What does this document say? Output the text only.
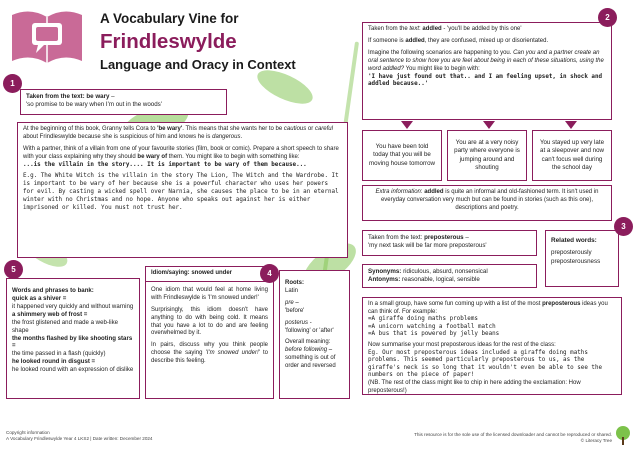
A Vocabulary Vine for
Frindleswylde
Language and Oracy in Context
Taken from the text: be wary –
'so promise to be wary when I'm out in the woods'
1
At the beginning of this book, Granny tells Cora to 'be wary'. This means that she wants her to be cautious or careful about Frindleswylde because she is suspicious of him and knows he is dangerous.
With a partner, think of a villain from one of your favourite stories (film, book or comic). Prepare a short speech to share with your class explaining why they should be wary of them. You might like to begin with something like:
...is the villain in the story.... It is important to be wary of them because...
E.g. The White Witch is the villain in the story The Lion, The Witch and the Wardrobe. It is important to be wary of her because she is a powerful character who uses her powers for evil. By casting a wicked spell over Narnia, she causes the place to be in an eternal winter with no Christmas and no hope. Anyone who speaks out against her is either imprisoned or killed. You must not trust her.
Taken from the text: addled - 'you'll be addled by this one'
If someone is addled, they are confused, mixed up or disorientated.
Imagine the following scenarios are happening to you. Can you and a partner create an oral sentence to show how you are feel about being in each of these situations, using the word addled? You might like to begin with:
'I have just found out that.. and I am feeling upset, in shock and addled because..'
2
You have been told today that you will be moving house tomorrow
You are at a very noisy party where everyone is jumping around and shouting
You stayed up very late at a sleepover and now can't focus well during the school day
Extra information: addled is quite an informal and old-fashioned term. It isn't used in everyday conversation very much but can be found in stories (such as this one), descriptions and poetry.
Taken from the text: preposterous –
'my next task will be far more preposterous'
Related words:
preposterously
preposterousness
3
Synonyms: ridiculous, absurd, nonsensical
Antonyms: reasonable, logical, sensible
In a small group, have some fun coming up with a list of the most preposterous ideas you can think of. For example:
=A giraffe doing maths problems
=A unicorn watching a football match
=A bus that is powered by jelly beans
Now summarise your most preposterous ideas for the rest of the class:
Eg. Our most preposterous ideas included a giraffe doing maths problems. This seemed particularly preposterous to us, as the giraffe's neck is so long that it wouldn't even be able to see the numbers on the piece of paper!
(NB. The rest of the class might like to chip in here adding the exclamation: How preposterous!)
Words and phrases to bank:
quick as a shiver =
it happened very quickly and without warning
a shimmery web of frost =
the frost glistened and made a web-like shape
the months flashed by like shooting stars =
the time passed in a flash (quickly)
he looked round in disgust =
he looked round with an expression of dislike
5	Idiom/saying: snowed under
One idiom that would feel at home living with Frindleswylde is 'I'm snowed under!'
Surprisingly, this idiom doesn't have anything to do with being cold. It means that you have a lot to do and are feeling overwhelmed by it.
In pairs, discuss why you think people choose the saying 'I'm snowed under!' to describe this feeling.
4
Roots:
Latin
pre –
'before'
posterus -
'following' or 'after'
Overall meaning: before following – something is out of order and reversed
Copyright information
A Vocabulary Frindleswylde Year 4 LKS2 | Date written: December 2024
This resource is for the sole use of the licensed downloader and cannot be reproduced or shared.
© Literacy Tree
